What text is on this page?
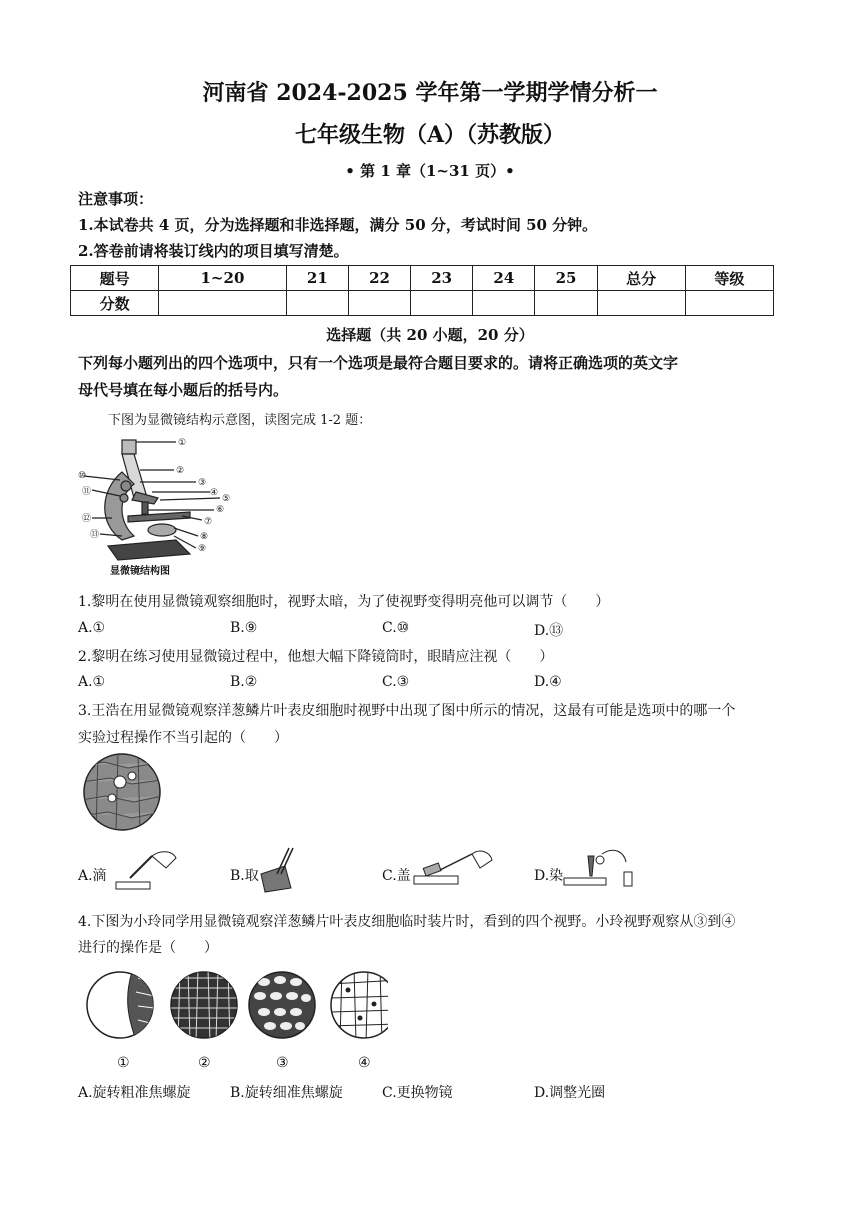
河南省 2024-2025 学年第一学期学情分析一
七年级生物（A）（苏教版）
• 第 1 章（1~31 页）•
注意事项：
1.本试卷共 4 页，分为选择题和非选择题，满分 50 分，考试时间 50 分钟。
2.答卷前请将装订线内的项目填写清楚。
题号	1~20	21	22	23	24	25	总分	等级
分数								
选择题（共 20 小题，20 分）
下列每小题列出的四个选项中，只有一个选项是最符合题目要求的。请将正确选项的英文字
母代号填在每小题后的括号内。
下图为显微镜结构示意图，读图完成 1-2 题：
①
②
③
④
⑤
⑥
⑦
⑧
⑨
⑩
⑪
⑫
⑬
显微镜结构图
1.黎明在使用显微镜观察细胞时，视野太暗，为了使视野变得明亮他可以调节（　　）
A.①	B.⑨	C.⑩	D.⑬
2.黎明在练习使用显微镜过程中，他想大幅下降镜筒时，眼睛应注视（　　）
A.①	B.②	C.③	D.④
3.王浩在用显微镜观察洋葱鳞片叶表皮细胞时视野中出现了图中所示的情况，这最有可能是选项中的哪一个
实验过程操作不当引起的（　　）
A.滴	B.取	C.盖	D.染
4.下图为小玲同学用显微镜观察洋葱鳞片叶表皮细胞临时装片时，看到的四个视野。小玲视野观察从③到④
进行的操作是（　　）
①	②	③	④
A.旋转粗准焦螺旋	B.旋转细准焦螺旋	C.更换物镜	D.调整光圈
